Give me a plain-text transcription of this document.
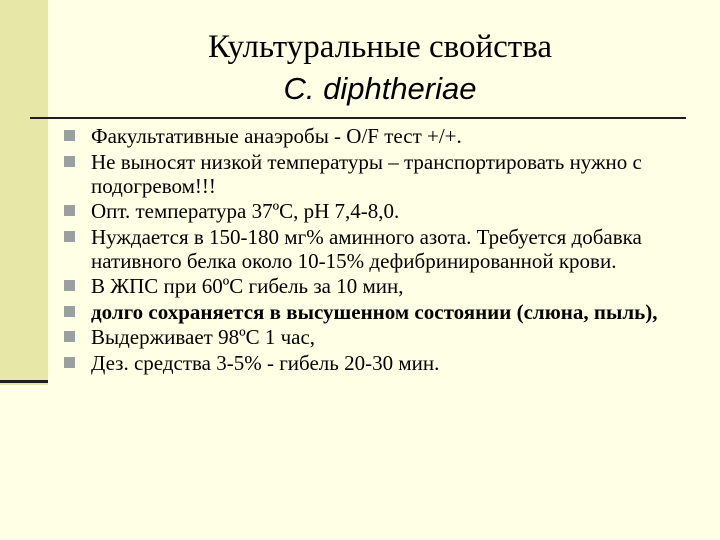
Культуральные свойства
C. diphtheriae
Факультативные анаэробы - O/F тест +/+.
Не выносят низкой температуры – транспортировать нужно с подогревом!!!
Опт. температура 37ºС, рН 7,4-8,0.
Нуждается в 150-180 мг% аминного азота. Требуется добавка нативного белка около 10-15% дефибринированной крови.
В ЖПС при 60ºС гибель за 10 мин,
долго сохраняется в высушенном состоянии (слюна, пыль),
Выдерживает 98ºС 1 час,
Дез. средства 3-5% - гибель 20-30 мин.
